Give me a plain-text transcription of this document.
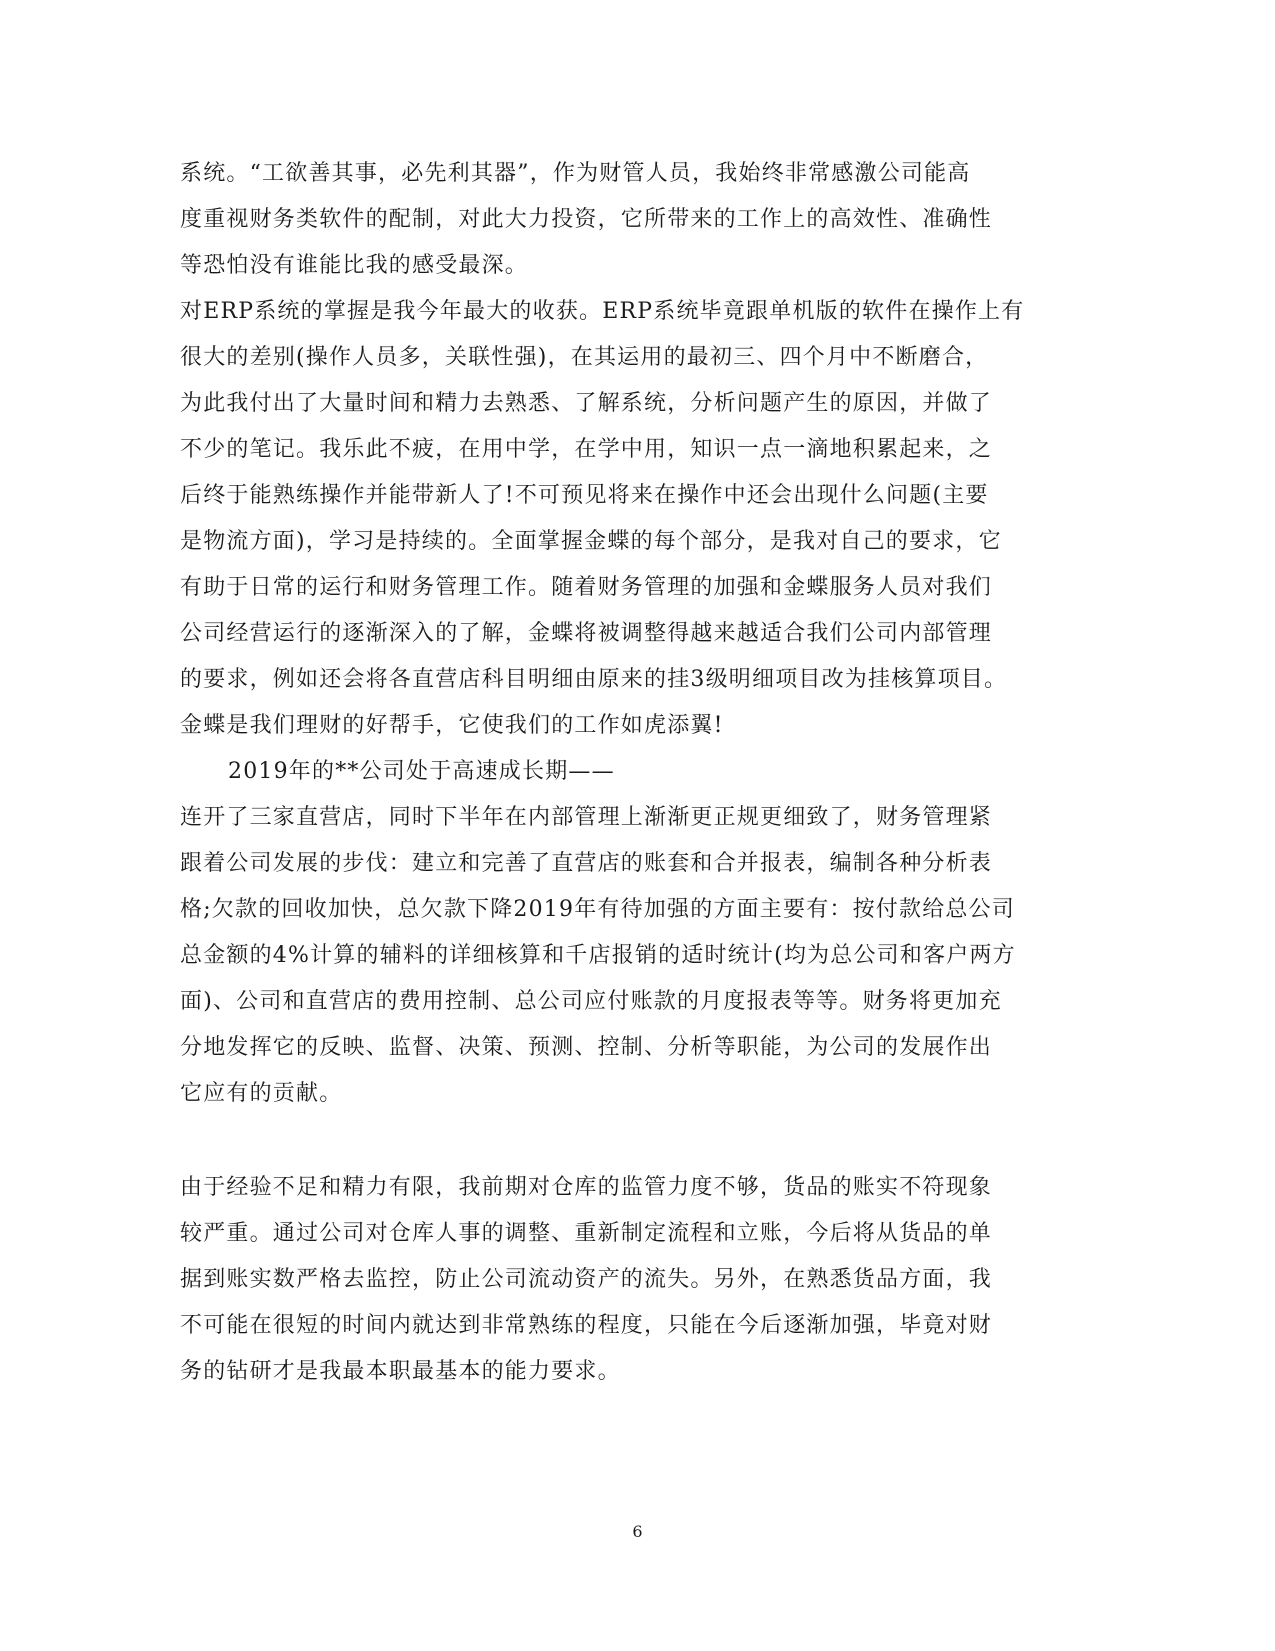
系统。“工欲善其事，必先利其器”，作为财管人员，我始终非常感激公司能高
度重视财务类软件的配制，对此大力投资，它所带来的工作上的高效性、准确性
等恐怕没有谁能比我的感受最深。
对ERP系统的掌握是我今年最大的收获。ERP系统毕竟跟单机版的软件在操作上有
很大的差别(操作人员多，关联性强)，在其运用的最初三、四个月中不断磨合，
为此我付出了大量时间和精力去熟悉、了解系统，分析问题产生的原因，并做了
不少的笔记。我乐此不疲，在用中学，在学中用，知识一点一滴地积累起来，之
后终于能熟练操作并能带新人了!不可预见将来在操作中还会出现什么问题(主要
是物流方面)，学习是持续的。全面掌握金蝶的每个部分，是我对自己的要求，它
有助于日常的运行和财务管理工作。随着财务管理的加强和金蝶服务人员对我们
公司经营运行的逐渐深入的了解，金蝶将被调整得越来越适合我们公司内部管理
的要求，例如还会将各直营店科目明细由原来的挂3级明细项目改为挂核算项目。
金蝶是我们理财的好帮手，它使我们的工作如虎添翼!
2019年的**公司处于高速成长期——
连开了三家直营店，同时下半年在内部管理上渐渐更正规更细致了，财务管理紧
跟着公司发展的步伐：建立和完善了直营店的账套和合并报表，编制各种分析表
格;欠款的回收加快，总欠款下降2019年有待加强的方面主要有：按付款给总公司
总金额的4%计算的辅料的详细核算和千店报销的适时统计(均为总公司和客户两方
面)、公司和直营店的费用控制、总公司应付账款的月度报表等等。财务将更加充
分地发挥它的反映、监督、决策、预测、控制、分析等职能，为公司的发展作出
它应有的贡献。
由于经验不足和精力有限，我前期对仓库的监管力度不够，货品的账实不符现象
较严重。通过公司对仓库人事的调整、重新制定流程和立账，今后将从货品的单
据到账实数严格去监控，防止公司流动资产的流失。另外，在熟悉货品方面，我
不可能在很短的时间内就达到非常熟练的程度，只能在今后逐渐加强，毕竟对财
务的钻研才是我最本职最基本的能力要求。
6
